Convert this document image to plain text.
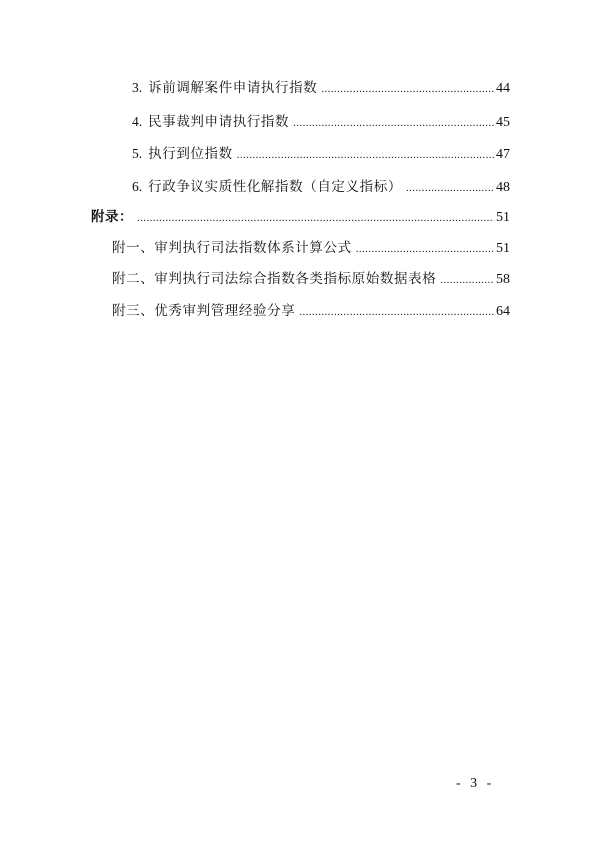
3. 诉前调解案件申请执行指数 .....	44
4. 民事裁判申请执行指数 .....	45
5. 执行到位指数 .....	47
6. 行政争议实质性化解指数（自定义指标） .....	48
附录： .....	51
附一、审判执行司法指数体系计算公式 .....	51
附二、审判执行司法综合指数各类指标原始数据表格 .....	58
附三、优秀审判管理经验分享 .....	64
- 3 -
